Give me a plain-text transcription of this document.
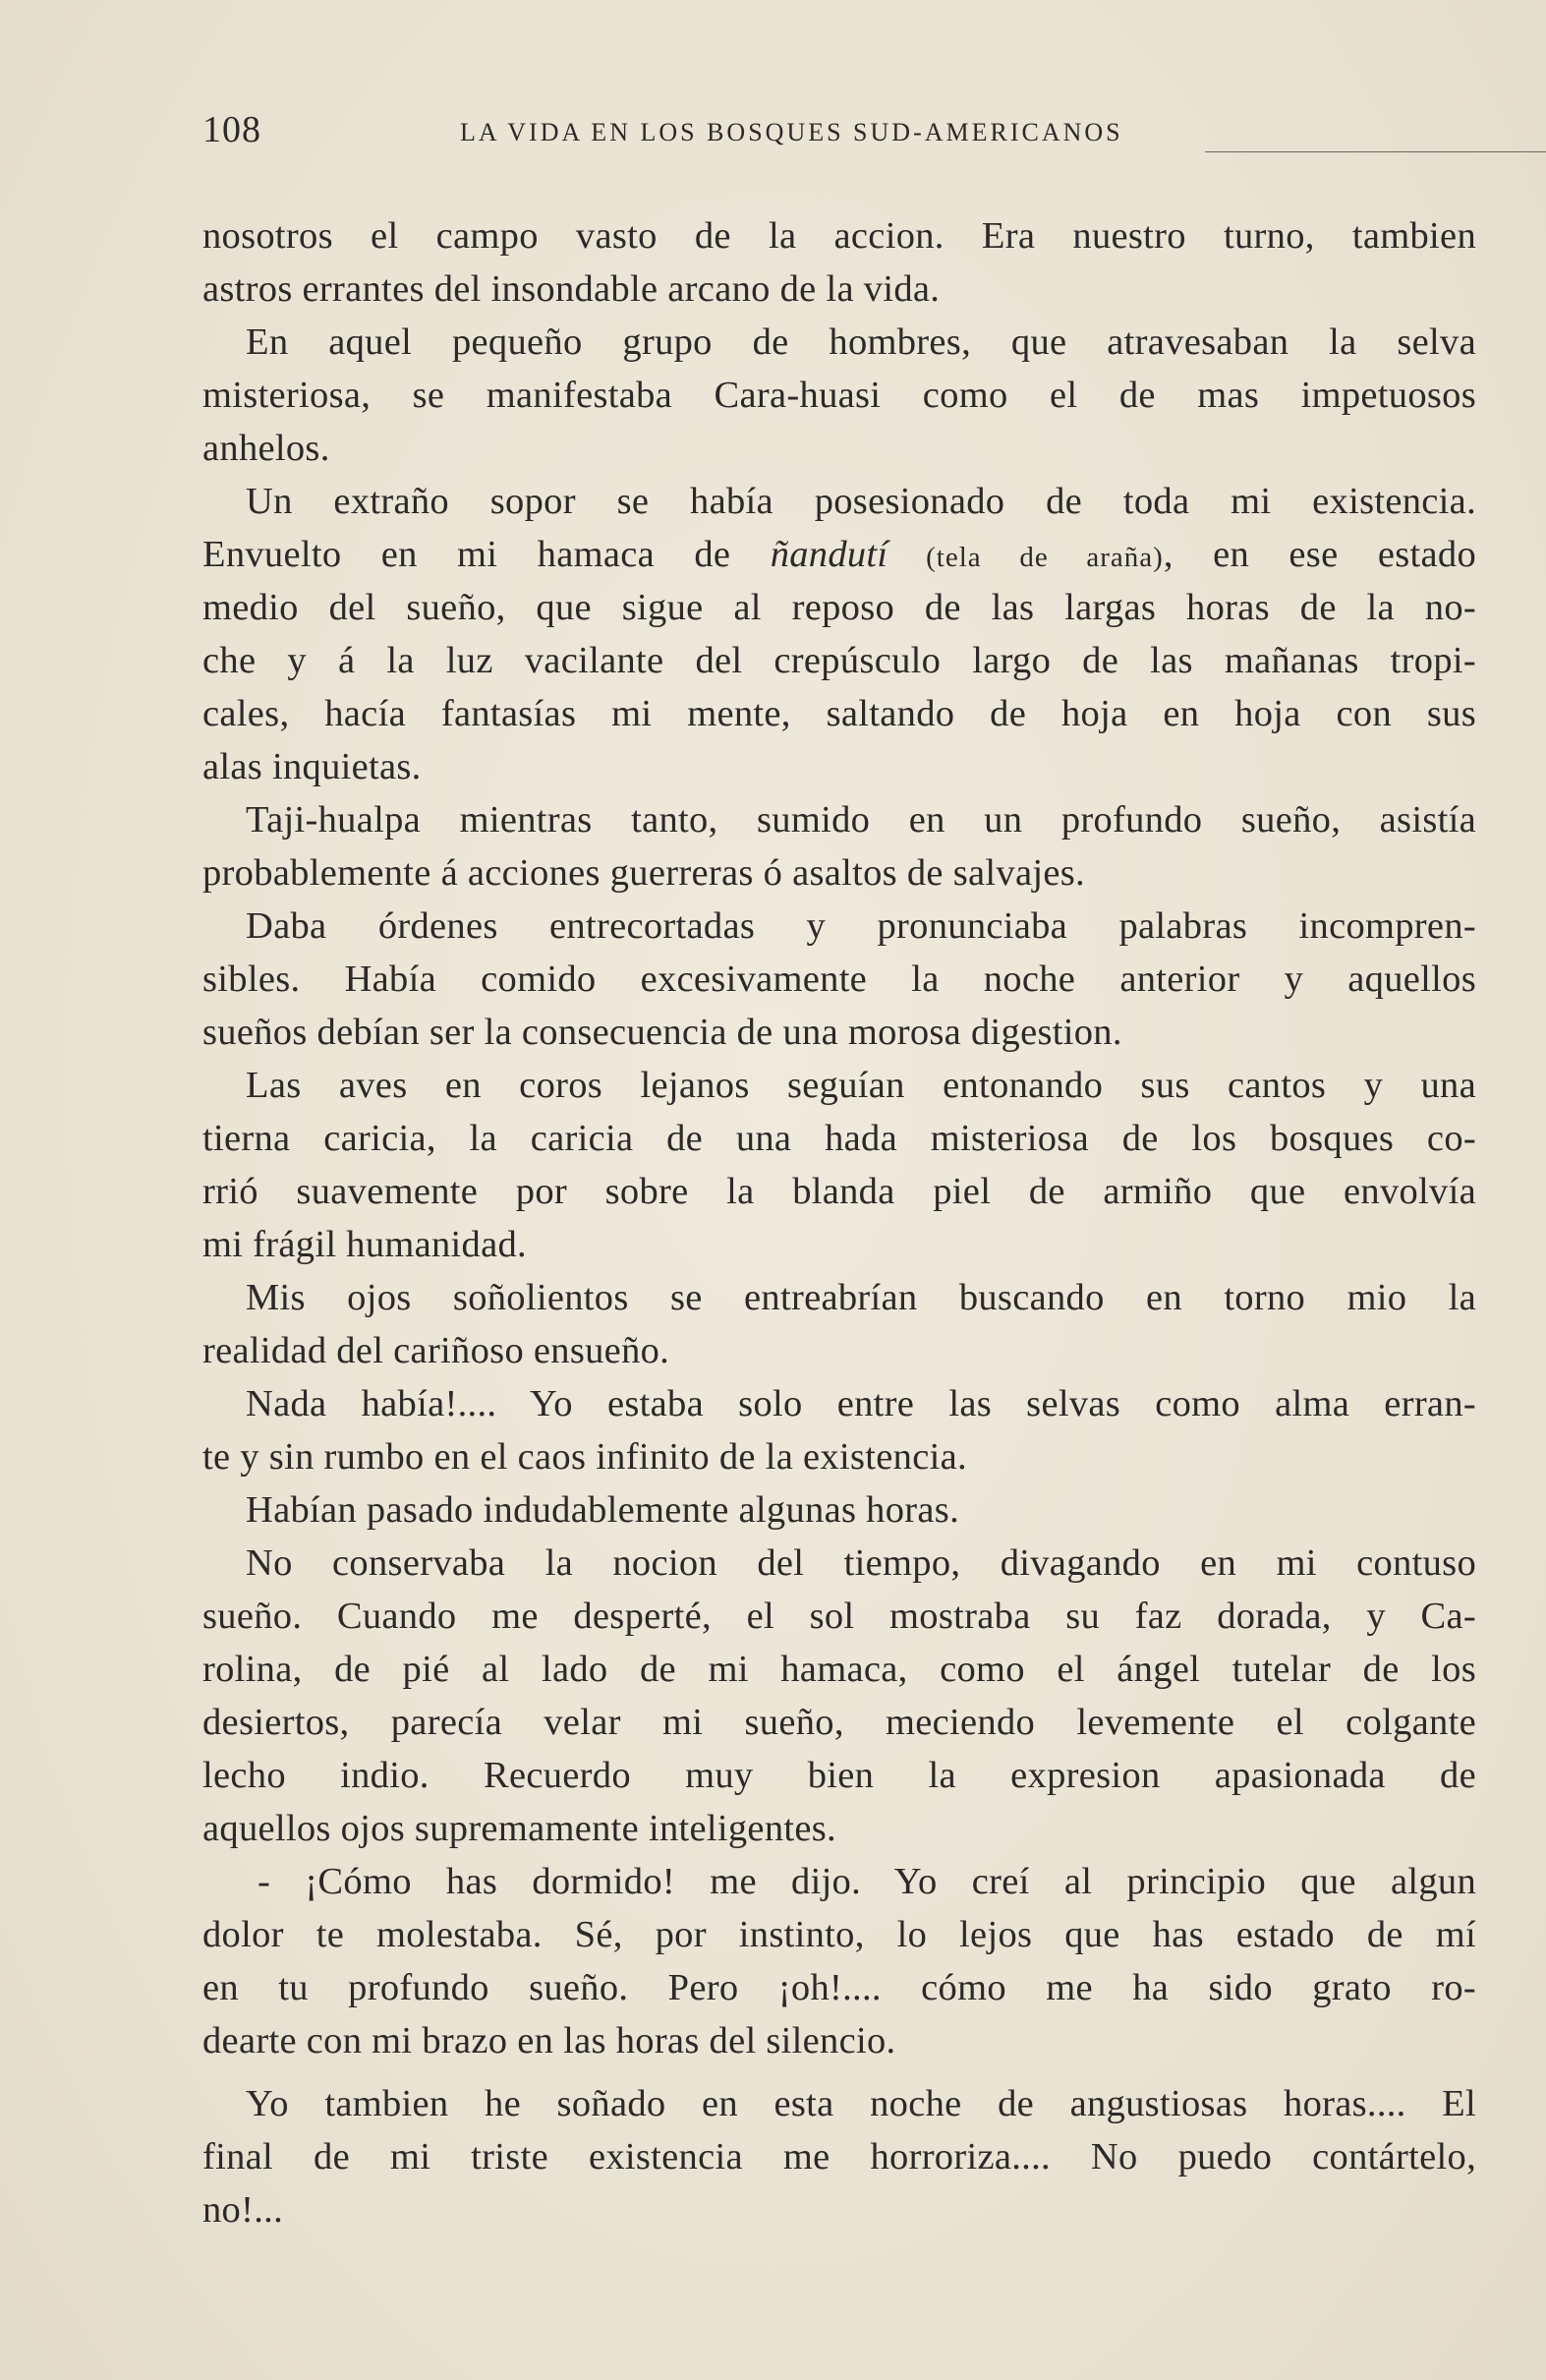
108	LA VIDA EN LOS BOSQUES SUD-AMERICANOS
nosotros el campo vasto de la accion. Era nuestro turno, tambien
astros errantes del insondable arcano de la vida.
En aquel pequeño grupo de hombres, que atravesaban la selva
misteriosa, se manifestaba Cara-huasi como el de mas impetuosos
anhelos.
Un extraño sopor se había posesionado de toda mi existencia.
Envuelto en mi hamaca de ñandutí (tela de araña), en ese estado
medio del sueño, que sigue al reposo de las largas horas de la no-
che y á la luz vacilante del crepúsculo largo de las mañanas tropi-
cales, hacía fantasías mi mente, saltando de hoja en hoja con sus
alas inquietas.
Taji-hualpa mientras tanto, sumido en un profundo sueño, asistía
probablemente á acciones guerreras ó asaltos de salvajes.
Daba órdenes entrecortadas y pronunciaba palabras incompren-
sibles. Había comido excesivamente la noche anterior y aquellos
sueños debían ser la consecuencia de una morosa digestion.
Las aves en coros lejanos seguían entonando sus cantos y una
tierna caricia, la caricia de una hada misteriosa de los bosques co-
rrió suavemente por sobre la blanda piel de armiño que envolvía
mi frágil humanidad.
Mis ojos soñolientos se entreabrían buscando en torno mio la
realidad del cariñoso ensueño.
Nada había!.... Yo estaba solo entre las selvas como alma erran-
te y sin rumbo en el caos infinito de la existencia.
Habían pasado indudablemente algunas horas.
No conservaba la nocion del tiempo, divagando en mi contuso
sueño. Cuando me desperté, el sol mostraba su faz dorada, y Ca-
rolina, de pié al lado de mi hamaca, como el ángel tutelar de los
desiertos, parecía velar mi sueño, meciendo levemente el colgante
lecho indio. Recuerdo muy bien la expresion apasionada de
aquellos ojos supremamente inteligentes.
- ¡Cómo has dormido! me dijo. Yo creí al principio que algun
dolor te molestaba. Sé, por instinto, lo lejos que has estado de mí
en tu profundo sueño. Pero ¡oh!.... cómo me ha sido grato ro-
dearte con mi brazo en las horas del silencio.
Yo tambien he soñado en esta noche de angustiosas horas.... El
final de mi triste existencia me horroriza.... No puedo contártelo,
no!...
